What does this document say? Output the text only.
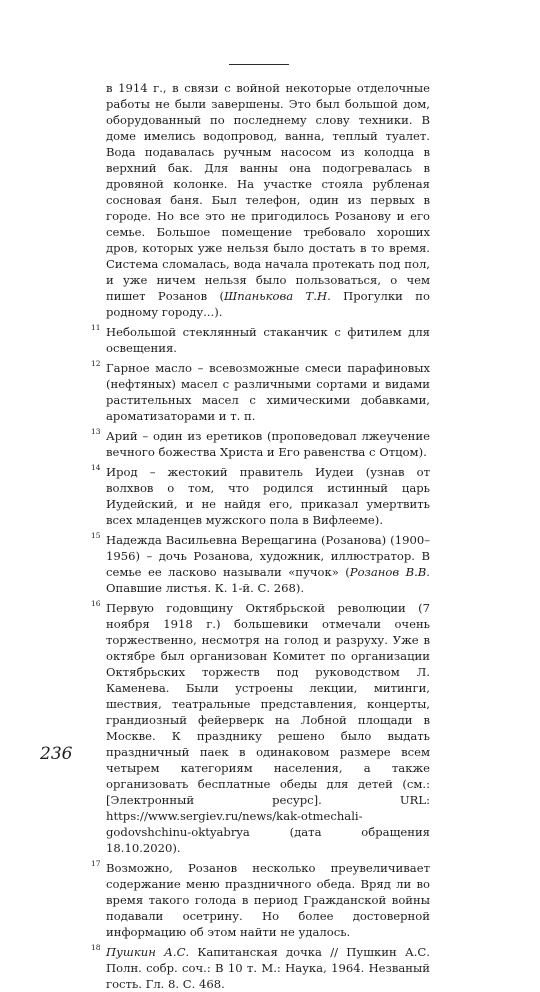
в 1914 г., в связи с войной некоторые отделочные работы не были завершены. Это был большой дом, оборудованный по последнему слову техники. В доме имелись водопровод, ванна, теплый туалет. Вода подавалась ручным насосом из колодца в верхний бак. Для ванны она подогревалась в дровяной колонке. На участке стояла рубленая сосновая баня. Был телефон, один из первых в городе. Но все это не пригодилось Розанову и его семье. Большое помещение требовало хороших дров, которых уже нельзя было достать в то время. Система сломалась, вода начала протекать под пол, и уже ничем нельзя было пользоваться, о чем пишет Розанов (Шпанькова Т.Н. Прогулки по родному городу...).
11 Небольшой стеклянный стаканчик с фитилем для освещения.
12 Гарное масло – всевозможные смеси парафиновых (нефтяных) масел с различными сортами и видами растительных масел с химическими добавками, ароматизаторами и т. п.
13 Арий – один из еретиков (проповедовал лжеучение вечного божества Христа и Его равенства с Отцом).
14 Ирод – жестокий правитель Иудеи (узнав от волхвов о том, что родился истинный царь Иудейский, и не найдя его, приказал умертвить всех младенцев мужского пола в Вифлееме).
15 Надежда Васильевна Верещагина (Розанова) (1900–1956) – дочь Розанова, художник, иллюстратор. В семье ее ласково называли «пучок» (Розанов В.В. Опавшие листья. К. 1-й. С. 268).
16 Первую годовщину Октябрьской революции (7 ноября 1918 г.) большевики отмечали очень торжественно, несмотря на голод и разруху. Уже в октябре был организован Комитет по организации Октябрьских торжеств под руководством Л. Каменева. Были устроены лекции, митинги, шествия, театральные представления, концерты, грандиозный фейерверк на Лобной площади в Москве. К празднику решено было выдать праздничный паек в одинаковом размере всем четырем категориям населения, а также организовать бесплатные обеды для детей (см.: [Электронный ресурс]. URL: https://www.sergiev.ru/news/kak-otmechali-godovshchinu-oktyabrya (дата обращения 18.10.2020).
17 Возможно, Розанов несколько преувеличивает содержание меню праздничного обеда. Вряд ли во время такого голода в период Гражданской войны подавали осетрину. Но более достоверной информацию об этом найти не удалось.
18 Пушкин А.С. Капитанская дочка // Пушкин А.С. Полн. собр. соч.: В 10 т. М.: Наука, 1964. Незваный гость. Гл. 8. С. 468.
236
